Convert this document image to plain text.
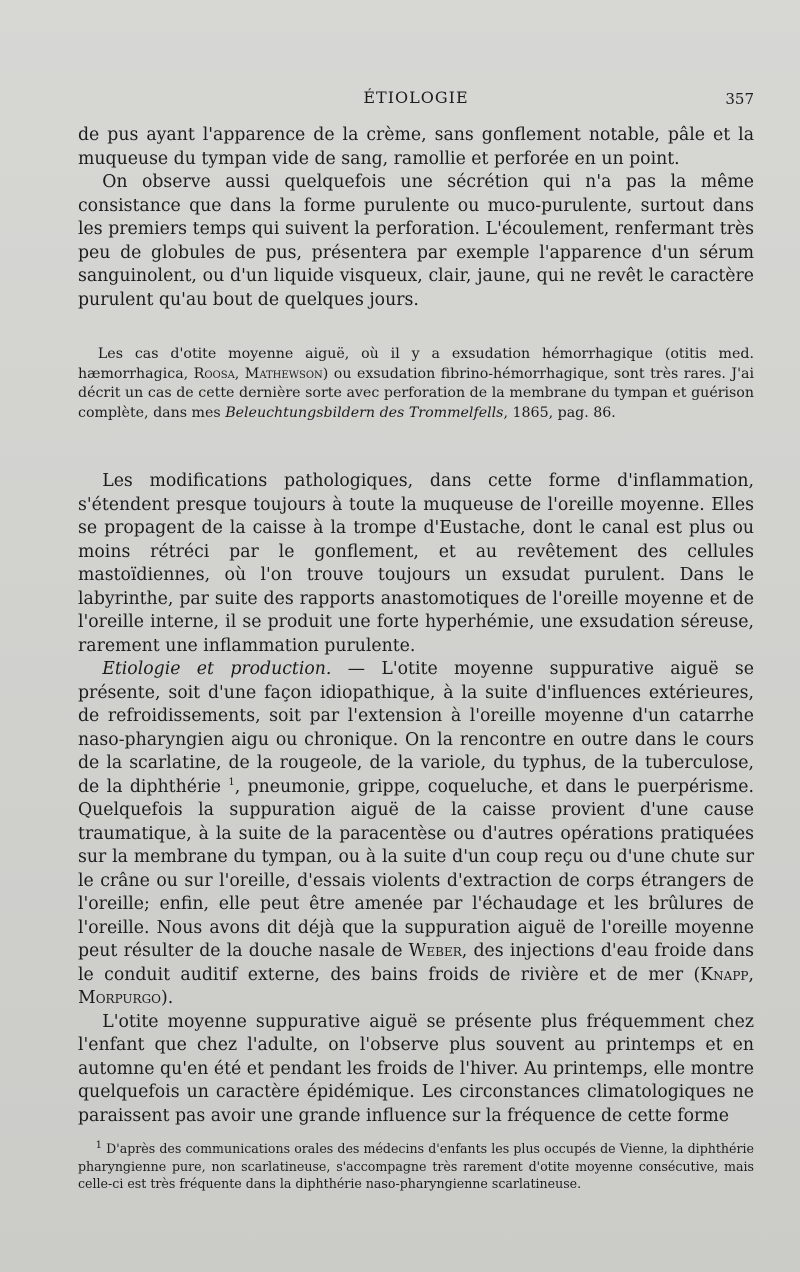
ÉTIOLOGIE	357

de pus ayant l'apparence de la crème, sans gonflement notable, pâle et la muqueuse du tympan vide de sang, ramollie et perforée en un point.

On observe aussi quelquefois une sécrétion qui n'a pas la même consistance que dans la forme purulente ou muco-purulente, surtout dans les premiers temps qui suivent la perforation. L'écoulement, renfermant très peu de globules de pus, présentera par exemple l'apparence d'un sérum sanguinolent, ou d'un liquide visqueux, clair, jaune, qui ne revêt le caractère purulent qu'au bout de quelques jours.

Les cas d'otite moyenne aiguë, où il y a exsudation hémorrhagique (otitis med. hæmorrhagica, Roosa, Mathewson) ou exsudation fibrino-hémorrhagique, sont très rares. J'ai décrit un cas de cette dernière sorte avec perforation de la membrane du tympan et guérison complète, dans mes Beleuchtungsbildern des Trommelfells, 1865, pag. 86.

Les modifications pathologiques, dans cette forme d'inflammation, s'étendent presque toujours à toute la muqueuse de l'oreille moyenne. Elles se propagent de la caisse à la trompe d'Eustache, dont le canal est plus ou moins rétréci par le gonflement, et au revêtement des cellules mastoïdiennes, où l'on trouve toujours un exsudat purulent. Dans le labyrinthe, par suite des rapports anastomotiques de l'oreille moyenne et de l'oreille interne, il se produit une forte hyperhémie, une exsudation séreuse, rarement une inflammation purulente.

Etiologie et production. — L'otite moyenne suppurative aiguë se présente, soit d'une façon idiopathique, à la suite d'influences extérieures, de refroidissements, soit par l'extension à l'oreille moyenne d'un catarrhe naso-pharyngien aigu ou chronique. On la rencontre en outre dans le cours de la scarlatine, de la rougeole, de la variole, du typhus, de la tuberculose, de la diphthérie $^1$, pneumonie, grippe, coqueluche, et dans le puerpérisme. Quelquefois la suppuration aiguë de la caisse provient d'une cause traumatique, à la suite de la paracentèse ou d'autres opérations pratiquées sur la membrane du tympan, ou à la suite d'un coup reçu ou d'une chute sur le crâne ou sur l'oreille, d'essais violents d'extraction de corps étrangers de l'oreille; enfin, elle peut être amenée par l'échaudage et les brûlures de l'oreille. Nous avons dit déjà que la suppuration aiguë de l'oreille moyenne peut résulter de la douche nasale de Weber, des injections d'eau froide dans le conduit auditif externe, des bains froids de rivière et de mer (Knapp, Morpurgo).

L'otite moyenne suppurative aiguë se présente plus fréquemment chez l'enfant que chez l'adulte, on l'observe plus souvent au printemps et en automne qu'en été et pendant les froids de l'hiver. Au printemps, elle montre quelquefois un caractère épidémique. Les circonstances climatologiques ne paraissent pas avoir une grande influence sur la fréquence de cette forme

$^1$ D'après des communications orales des médecins d'enfants les plus occupés de Vienne, la diphthérie pharyngienne pure, non scarlatineuse, s'accompagne très rarement d'otite moyenne consécutive, mais celle-ci est très fréquente dans la diphthérie naso-pharyngienne scarlatineuse.
